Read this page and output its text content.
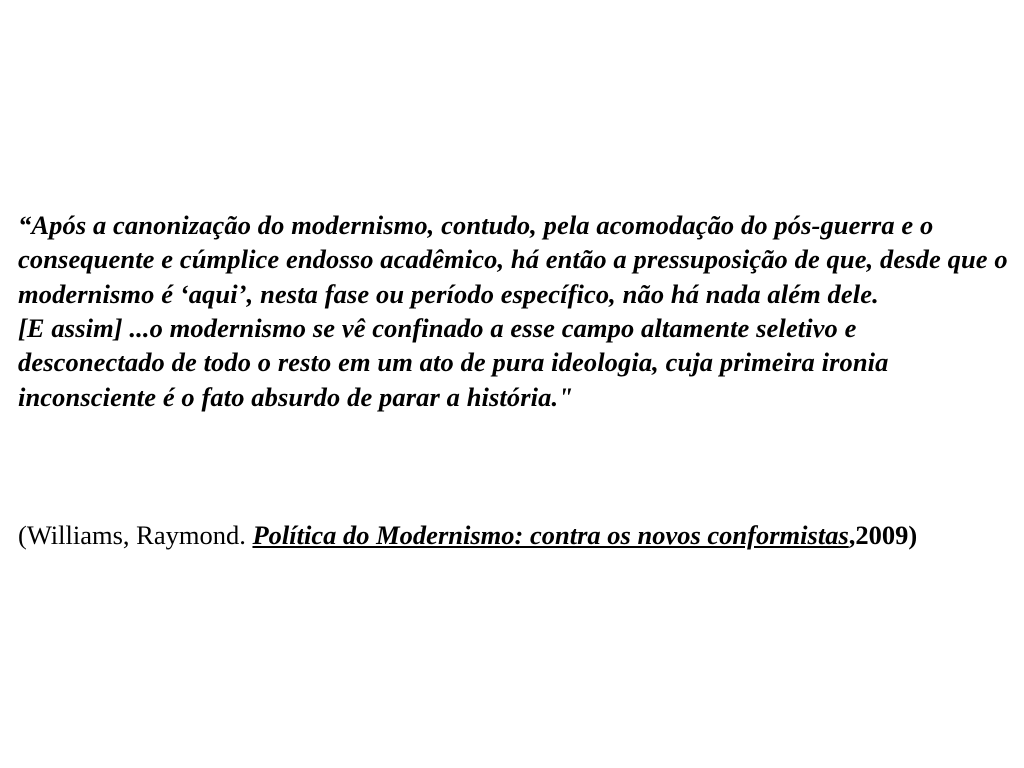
“Após a canonização do modernismo, contudo, pela acomodação do pós-guerra e o consequente e cúmplice endosso acadêmico, há então a pressuposição de que, desde que o modernismo é ‘aqui’, nesta fase ou período específico, não há nada além dele.

[E assim] ...o modernismo se vê confinado a esse campo altamente seletivo e desconectado de todo o resto em um ato de pura ideologia, cuja primeira ironia inconsciente é o fato absurdo de parar a história."

(Williams, Raymond. Política do Modernismo: contra os novos conformistas,2009)
